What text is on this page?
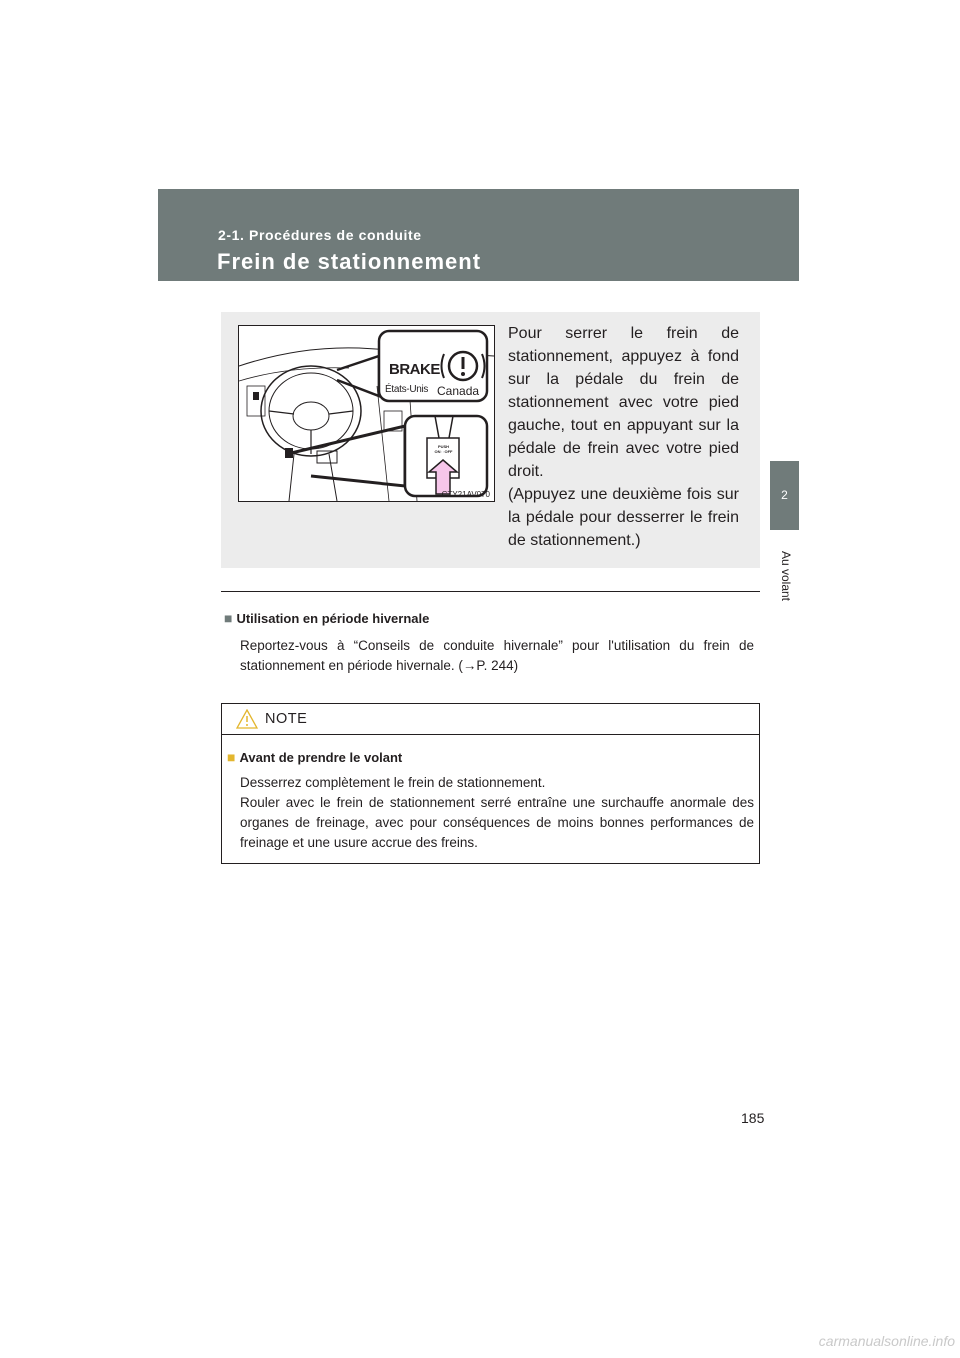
2-1. Procédures de conduite
Frein de stationnement
2
Au volant
BRAKE
États-Unis Canada
PUSH ON⇔OFF
CTY21AV070

Pour serrer le frein de stationnement, appuyez à fond sur la pédale du frein de stationnement avec votre pied gauche, tout en appuyant sur la pédale de frein avec votre pied droit.
(Appuyez une deuxième fois sur la pédale pour desserrer le frein de stationnement.)

■ Utilisation en période hivernale

Reportez-vous à “Conseils de conduite hivernale” pour l'utilisation du frein de stationnement en période hivernale. (→P. 244)

NOTE
■ Avant de prendre le volant

Desserrez complètement le frein de stationnement.
Rouler avec le frein de stationnement serré entraîne une surchauffe anormale des organes de freinage, avec pour conséquences de moins bonnes performances de freinage et une usure accrue des freins.

185
carmanualsonline.info
